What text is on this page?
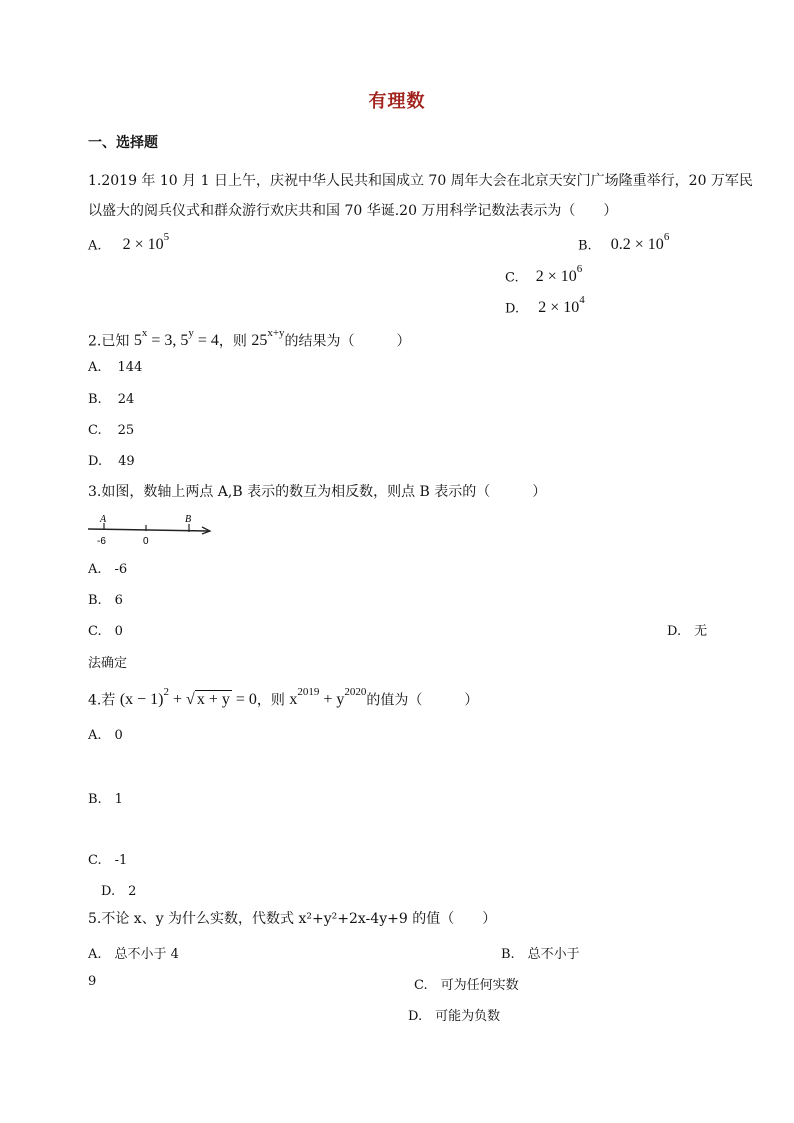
有理数
一、选择题
1.2019 年 10 月 1 日上午，庆祝中华人民共和国成立 70 周年大会在北京天安门广场隆重举行，20 万军民
以盛大的阅兵仪式和群众游行欢庆共和国 70 华诞.20 万用科学记数法表示为（　　）
A. $2 \times 10^5$
B. $0.2 \times 10^6$
C. $2 \times 10^6$
D. $2 \times 10^4$
2.已知 $5^x = 3$, $5^y = 4$，则 $25^{x+y}$的结果为（　　　）
A. 144
B. 24
C. 25
D. 49
3.如图，数轴上两点 A,B 表示的数互为相反数，则点 B 表示的（　　　）
A	B
-6	0
A.　-6
B.　6
C.　0	D.　无
法确定
4.若 $(x - 1)^2$ + √ x + y = 0，则 $x^{2019} + y^{2020}$的值为（　　　）
A.　0
B.　1
C.　-1
D.　2
5.不论 x、y 为什么实数，代数式 x²+y²+2x-4y+9 的值（　　）
A.　总不小于 4	B.　总不小于
9	C.　可为任何实数
D.　可能为负数
